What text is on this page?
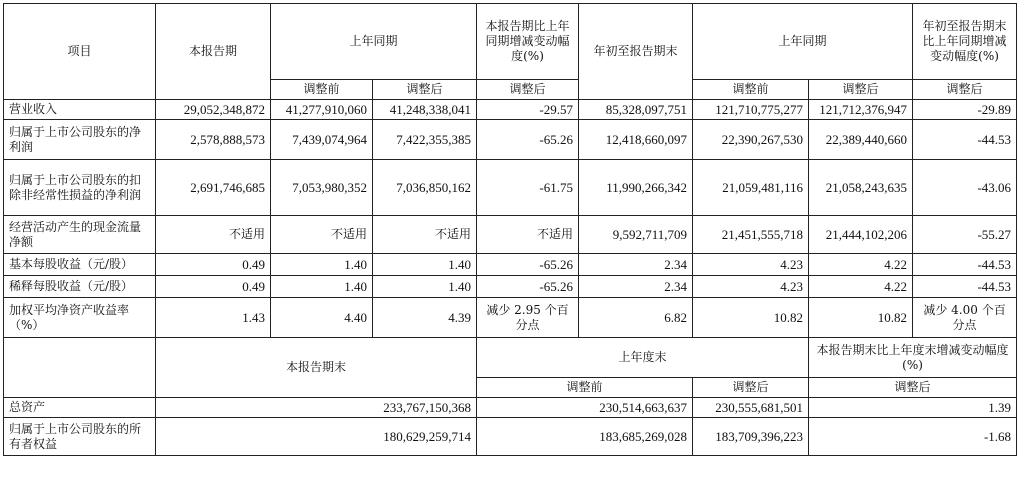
项目	本报告期	上年同期		本报告期比上年同期增减变动幅度(%)	年初至报告期末	上年同期		年初至报告期末比上年同期增减变动幅度(%)
		调整前	调整后	调整后		调整前	调整后	调整后
营业收入	29,052,348,872	41,277,910,060	41,248,338,041	-29.57	85,328,097,751	121,710,775,277	121,712,376,947	-29.89
归属于上市公司股东的净利润	2,578,888,573	7,439,074,964	7,422,355,385	-65.26	12,418,660,097	22,390,267,530	22,389,440,660	-44.53
归属于上市公司股东的扣除非经常性损益的净利润	2,691,746,685	7,053,980,352	7,036,850,162	-61.75	11,990,266,342	21,059,481,116	21,058,243,635	-43.06
经营活动产生的现金流量净额	不适用	不适用	不适用	不适用	9,592,711,709	21,451,555,718	21,444,102,206	-55.27
基本每股收益（元/股）	0.49	1.40	1.40	-65.26	2.34	4.23	4.22	-44.53
稀释每股收益（元/股）	0.49	1.40	1.40	-65.26	2.34	4.23	4.22	-44.53
加权平均净资产收益率（%）	1.43	4.40	4.39	减少 2.95 个百分点	6.82	10.82	10.82	减少 4.00 个百分点
	本报告期末			上年度末			本报告期末比上年度末增减变动幅度(%)	
				调整前		调整后	调整后	
总资产	233,767,150,368			230,514,663,637		230,555,681,501	1.39	
归属于上市公司股东的所有者权益	180,629,259,714			183,685,269,028		183,709,396,223	-1.68	
